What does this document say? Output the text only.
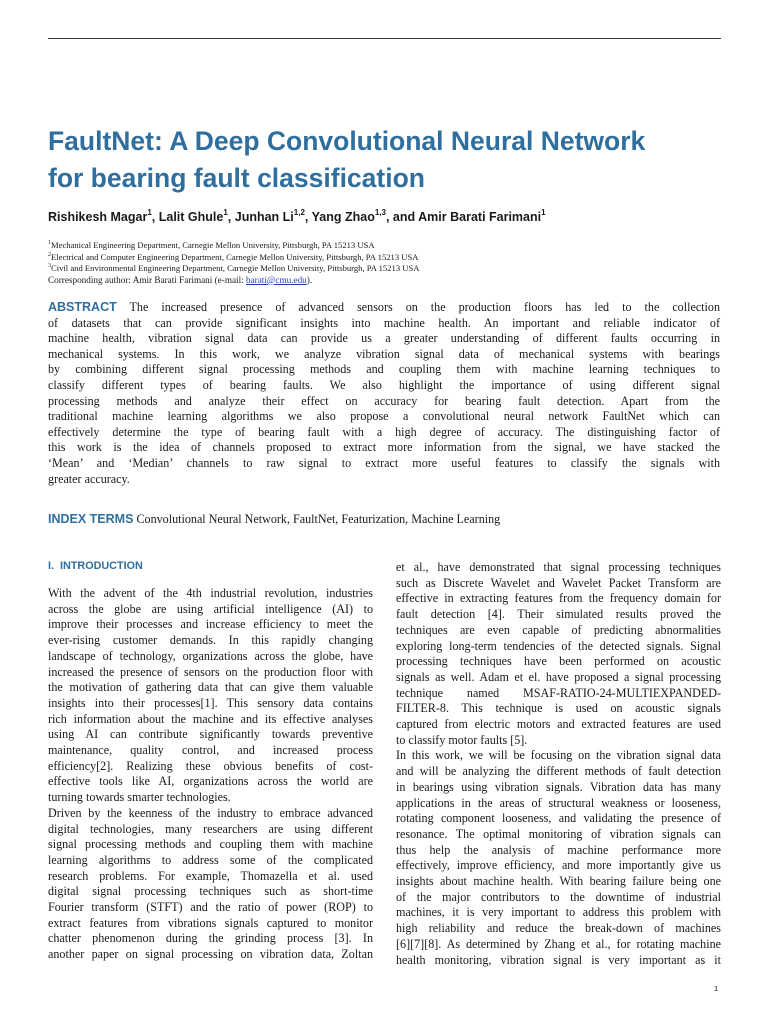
FaultNet: A Deep Convolutional Neural Network
for bearing fault classification
Rishikesh Magar$^1$, Lalit Ghule$^1$, Junhan Li$^{1,2}$, Yang Zhao$^{1,3}$, and Amir Barati Farimani$^1$
$^1$Mechanical Engineering Department, Carnegie Mellon University, Pittsburgh, PA 15213 USA
$^2$Electrical and Computer Engineering Department, Carnegie Mellon University, Pittsburgh, PA 15213 USA
$^3$Civil and Environmental Engineering Department, Carnegie Mellon University, Pittsburgh, PA 15213 USA
Corresponding author: Amir Barati Farimani (e-mail: barati@cmu.edu).
ABSTRACT The increased presence of advanced sensors on the production floors has led to the collection
of datasets that can provide significant insights into machine health. An important and reliable indicator of
machine health, vibration signal data can provide us a greater understanding of different faults occurring in
mechanical systems. In this work, we analyze vibration signal data of mechanical systems with bearings
by combining different signal processing methods and coupling them with machine learning techniques to
classify different types of bearing faults. We also highlight the importance of using different signal
processing methods and analyze their effect on accuracy for bearing fault detection. Apart from the
traditional machine learning algorithms we also propose a convolutional neural network FaultNet which can
effectively determine the type of bearing fault with a high degree of accuracy. The distinguishing factor of
this work is the idea of channels proposed to extract more information from the signal, we have stacked the
‘Mean’ and ‘Median’ channels to raw signal to extract more useful features to classify the signals with
greater accuracy.
INDEX TERMS Convolutional Neural Network, FaultNet, Featurization, Machine Learning
I. INTRODUCTION
With the advent of the 4th industrial revolution, industries
across the globe are using artificial intelligence (AI) to
improve their processes and increase efficiency to meet the
ever-rising customer demands. In this rapidly changing
landscape of technology, organizations across the globe, have
increased the presence of sensors on the production floor with
the motivation of gathering data that can give them valuable
insights into their processes[1]. This sensory data contains
rich information about the machine and its effective analyses
using AI can contribute significantly towards preventive
maintenance, quality control, and increased process
efficiency[2]. Realizing these obvious benefits of cost-
effective tools like AI, organizations across the world are
turning towards smarter technologies.
Driven by the keenness of the industry to embrace advanced
digital technologies, many researchers are using different
signal processing methods and coupling them with machine
learning algorithms to address some of the complicated
research problems. For example, Thomazella et al. used
digital signal processing techniques such as short-time
Fourier transform (STFT) and the ratio of power (ROP) to
extract features from vibrations signals captured to monitor
chatter phenomenon during the grinding process [3]. In
another paper on signal processing on vibration data, Zoltan
et al., have demonstrated that signal processing techniques
such as Discrete Wavelet and Wavelet Packet Transform are
effective in extracting features from the frequency domain for
fault detection [4]. Their simulated results proved the
techniques are even capable of predicting abnormalities
exploring long-term tendencies of the detected signals. Signal
processing techniques have been performed on acoustic
signals as well. Adam et el. have proposed a signal processing
technique named MSAF-RATIO-24-MULTIEXPANDED-
FILTER-8. This technique is used on acoustic signals
captured from electric motors and extracted features are used
to classify motor faults [5].
In this work, we will be focusing on the vibration signal data
and will be analyzing the different methods of fault detection
in bearings using vibration signals. Vibration data has many
applications in the areas of structural weakness or looseness,
rotating component looseness, and validating the presence of
resonance. The optimal monitoring of vibration signals can
thus help the analysis of machine performance more
effectively, improve efficiency, and more importantly give us
insights about machine health. With bearing failure being one
of the major contributors to the downtime of industrial
machines, it is very important to address this problem with
high reliability and reduce the break-down of machines
[6][7][8]. As determined by Zhang et al., for rotating machine
health monitoring, vibration signal is very important as it
1
